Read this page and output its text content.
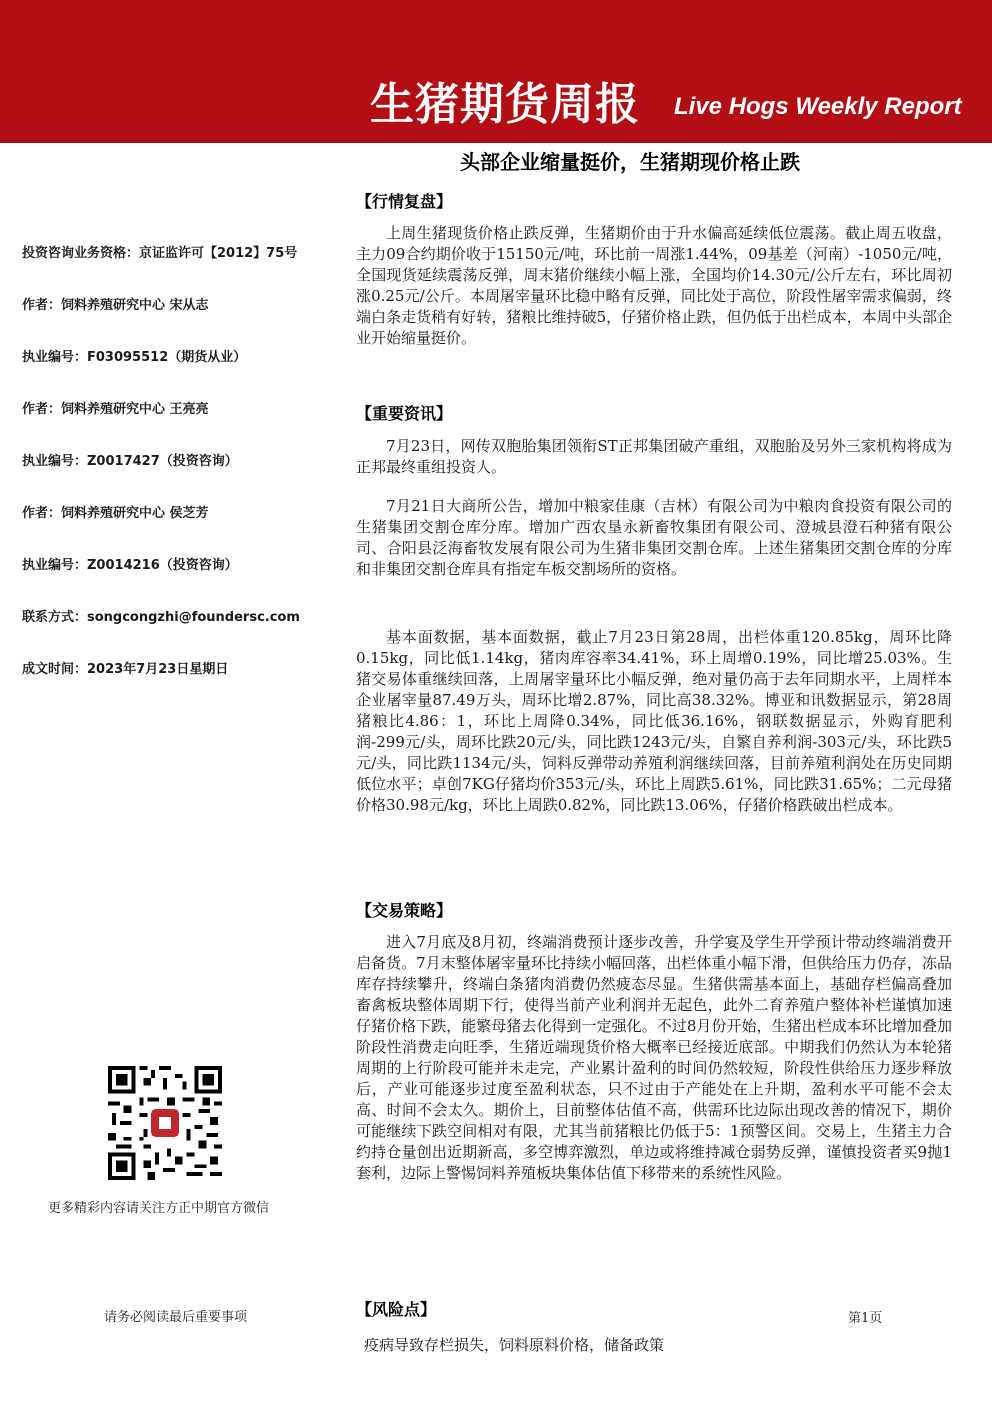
生猪期货周报 Live Hogs Weekly Report
头部企业缩量挺价，生猪期现价格止跌
投资咨询业务资格：京证监许可【2012】75号
作者：饲料养殖研究中心 宋从志
执业编号：F03095512（期货从业）
作者：饲料养殖研究中心 王亮亮
执业编号：Z0017427（投资咨询）
作者：饲料养殖研究中心 侯芝芳
执业编号：Z0014216（投资咨询）
联系方式：songcongzhi@foundersc.com
成文时间：2023年7月23日星期日
更多精彩内容请关注方正中期官方微信
请务必阅读最后重要事项	第1页
【行情复盘】
上周生猪现货价格止跌反弹，生猪期价由于升水偏高延续低位震荡。截止周五收盘，主力09合约期价收于15150元/吨，环比前一周涨1.44%，09基差（河南）-1050元/吨，全国现货延续震荡反弹，周末猪价继续小幅上涨，全国均价14.30元/公斤左右，环比周初涨0.25元/公斤。本周屠宰量环比稳中略有反弹，同比处于高位，阶段性屠宰需求偏弱，终端白条走货稍有好转，猪粮比维持破5，仔猪价格止跌，但仍低于出栏成本，本周中头部企业开始缩量挺价。
【重要资讯】
7月23日，网传双胞胎集团领衔ST正邦集团破产重组，双胞胎及另外三家机构将成为正邦最终重组投资人。
7月21日大商所公告，增加中粮家佳康（吉林）有限公司为中粮肉食投资有限公司的生猪集团交割仓库分库。增加广西农垦永新畜牧集团有限公司、澄城县澄石种猪有限公司、合阳县泛海畜牧发展有限公司为生猪非集团交割仓库。上述生猪集团交割仓库的分库和非集团交割仓库具有指定车板交割场所的资格。
基本面数据，基本面数据，截止7月23日第28周，出栏体重120.85kg，周环比降0.15kg，同比低1.14kg，猪肉库容率34.41%，环上周增0.19%，同比增25.03%。生猪交易体重继续回落，上周屠宰量环比小幅反弹，绝对量仍高于去年同期水平，上周样本企业屠宰量87.49万头，周环比增2.87%，同比高38.32%。博亚和讯数据显示，第28周猪粮比4.86：1，环比上周降0.34%，同比低36.16%，钢联数据显示，外购育肥利润-299元/头，周环比跌20元/头，同比跌1243元/头，自繁自养利润-303元/头，环比跌5元/头，同比跌1134元/头，饲料反弹带动养殖利润继续回落，目前养殖利润处在历史同期低位水平；卓创7KG仔猪均价353元/头，环比上周跌5.61%，同比跌31.65%；二元母猪价格30.98元/kg，环比上周跌0.82%，同比跌13.06%，仔猪价格跌破出栏成本。
【交易策略】
进入7月底及8月初，终端消费预计逐步改善，升学宴及学生开学预计带动终端消费开启备货。7月末整体屠宰量环比持续小幅回落，出栏体重小幅下滑，但供给压力仍存，冻品库存持续攀升，终端白条猪肉消费仍然疲态尽显。生猪供需基本面上，基础存栏偏高叠加畜禽板块整体周期下行，使得当前产业利润并无起色，此外二育养殖户整体补栏谨慎加速仔猪价格下跌，能繁母猪去化得到一定强化。不过8月份开始，生猪出栏成本环比增加叠加阶段性消费走向旺季，生猪近端现货价格大概率已经接近底部。中期我们仍然认为本轮猪周期的上行阶段可能并未走完，产业累计盈利的时间仍然较短，阶段性供给压力逐步释放后，产业可能逐步过度至盈利状态，只不过由于产能处在上升期，盈利水平可能不会太高、时间不会太久。期价上，目前整体估值不高，供需环比边际出现改善的情况下，期价可能继续下跌空间相对有限，尤其当前猪粮比仍低于5：1预警区间。交易上，生猪主力合约持仓量创出近期新高，多空博弈激烈，单边或将维持减仓弱势反弹，谨慎投资者买9抛1套利，边际上警惕饲料养殖板块集体估值下移带来的系统性风险。
【风险点】
疫病导致存栏损失，饲料原料价格，储备政策
